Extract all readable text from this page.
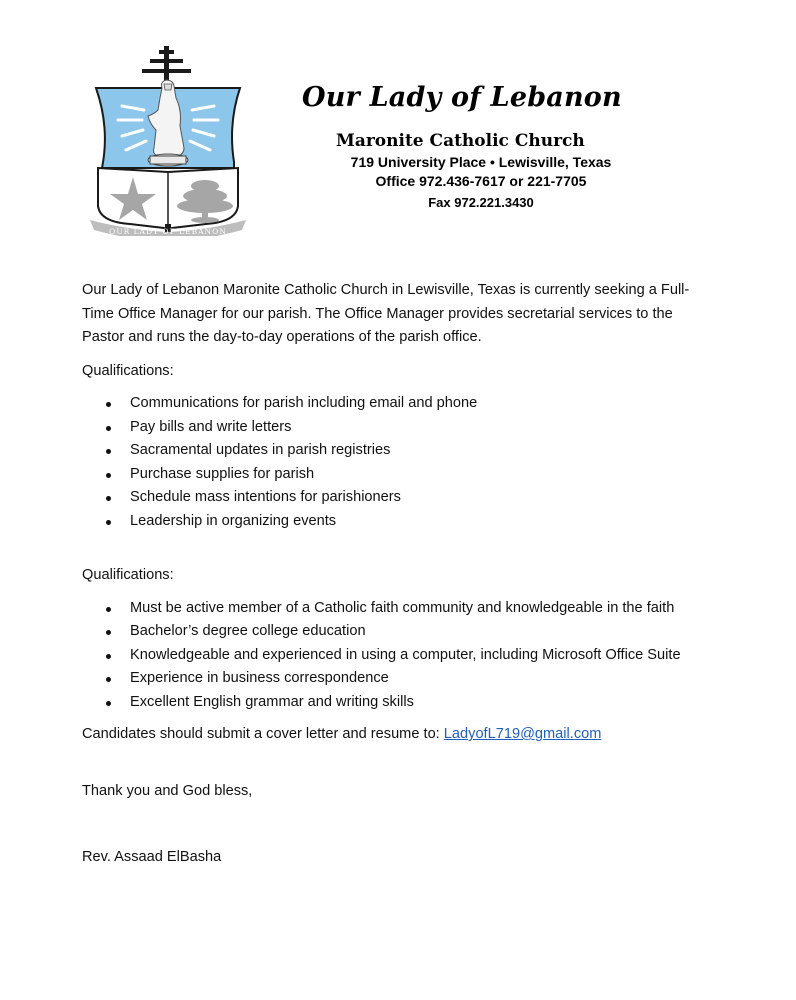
OUR LADY OF LEBANON
Our Lady of Lebanon
Maronite Catholic Church
719 University Place • Lewisville, Texas
Office 972.436-7617 or 221-7705
Fax 972.221.3430

Our Lady of Lebanon Maronite Catholic Church in Lewisville, Texas is currently seeking a Full-Time Office Manager for our parish. The Office Manager provides secretarial services to the Pastor and runs the day-to-day operations of the parish office.

Qualifications:

Communications for parish including email and phone
Pay bills and write letters
Sacramental updates in parish registries
Purchase supplies for parish
Schedule mass intentions for parishioners
Leadership in organizing events

Qualifications:

Must be active member of a Catholic faith community and knowledgeable in the faith
Bachelor’s degree college education
Knowledgeable and experienced in using a computer, including Microsoft Office Suite
Experience in business correspondence
Excellent English grammar and writing skills

Candidates should submit a cover letter and resume to: LadyofL719@gmail.com

Thank you and God bless,

Rev. Assaad ElBasha
